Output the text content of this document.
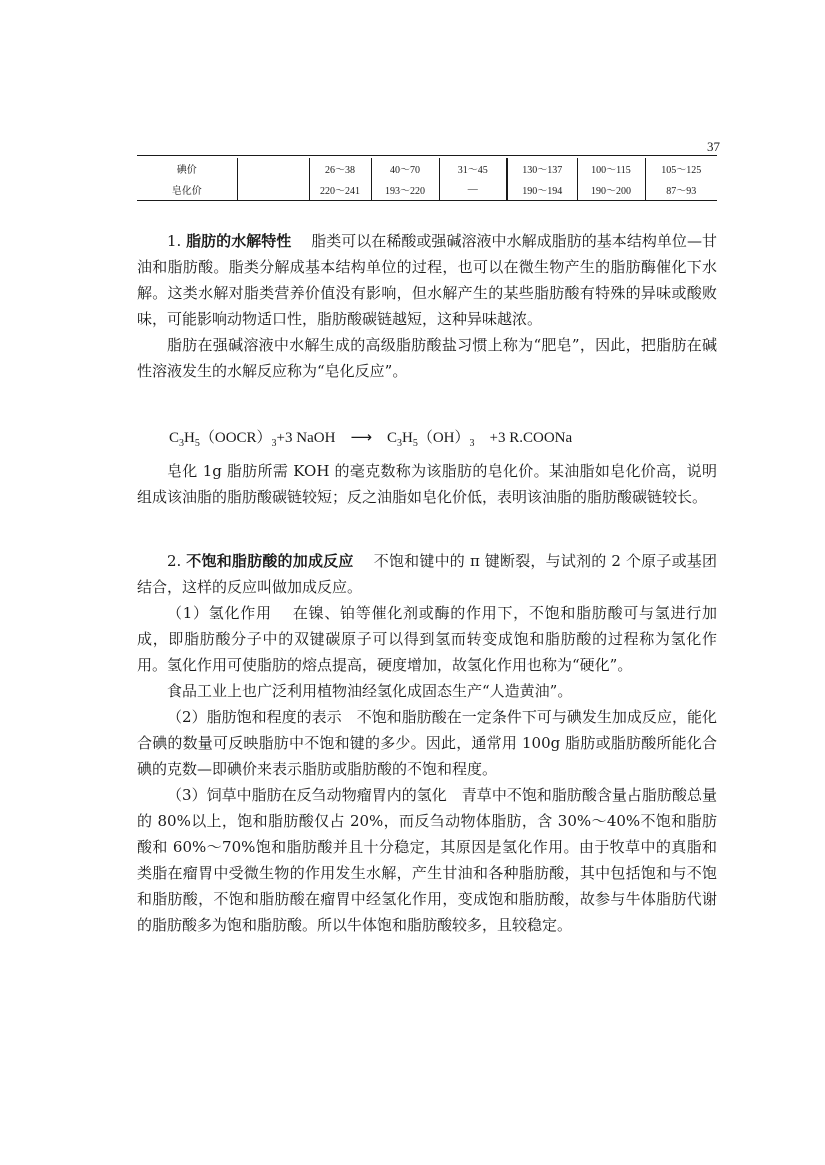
37
碘价		26～38	40～70	31～45	130～137	100～115	105～125
皂化价		220～241	193～220	—	190～194	190～200	87～93

1. 脂肪的水解特性　 脂类可以在稀酸或强碱溶液中水解成脂肪的基本结构单位—甘油和脂肪酸。脂类分解成基本结构单位的过程，也可以在微生物产生的脂肪酶催化下水解。这类水解对脂类营养价值没有影响，但水解产生的某些脂肪酸有特殊的异味或酸败味，可能影响动物适口性，脂肪酸碳链越短，这种异味越浓。

脂肪在强碱溶液中水解生成的高级脂肪酸盐习惯上称为“肥皂”，因此，把脂肪在碱性溶液发生的水解反应称为“皂化反应”。

$C_3H_5(OOCR)_3+3$ NaOH　 ⟶　 $C_3H_5(OH)_3$　 +3 R.COONa

皂化 1g 脂肪所需 KOH 的毫克数称为该脂肪的皂化价。某油脂如皂化价高，说明组成该油脂的脂肪酸碳链较短；反之油脂如皂化价低，表明该油脂的脂肪酸碳链较长。

2. 不饱和脂肪酸的加成反应　 不饱和键中的 π 键断裂，与试剂的 2 个原子或基团结合，这样的反应叫做加成反应。

（1）氢化作用　 在镍、铂等催化剂或酶的作用下，不饱和脂肪酸可与氢进行加成，即脂肪酸分子中的双键碳原子可以得到氢而转变成饱和脂肪酸的过程称为氢化作用。氢化作用可使脂肪的熔点提高，硬度增加，故氢化作用也称为“硬化”。

食品工业上也广泛利用植物油经氢化成固态生产“人造黄油”。

（2）脂肪饱和程度的表示　不饱和脂肪酸在一定条件下可与碘发生加成反应，能化合碘的数量可反映脂肪中不饱和键的多少。因此，通常用 100g 脂肪或脂肪酸所能化合碘的克数—即碘价来表示脂肪或脂肪酸的不饱和程度。

（3）饲草中脂肪在反刍动物瘤胃内的氢化　青草中不饱和脂肪酸含量占脂肪酸总量的 80%以上，饱和脂肪酸仅占 20%，而反刍动物体脂肪，含 30%～40%不饱和脂肪酸和 60%～70%饱和脂肪酸并且十分稳定，其原因是氢化作用。由于牧草中的真脂和类脂在瘤胃中受微生物的作用发生水解，产生甘油和各种脂肪酸，其中包括饱和与不饱和脂肪酸，不饱和脂肪酸在瘤胃中经氢化作用，变成饱和脂肪酸，故参与牛体脂肪代谢的脂肪酸多为饱和脂肪酸。所以牛体饱和脂肪酸较多，且较稳定。
